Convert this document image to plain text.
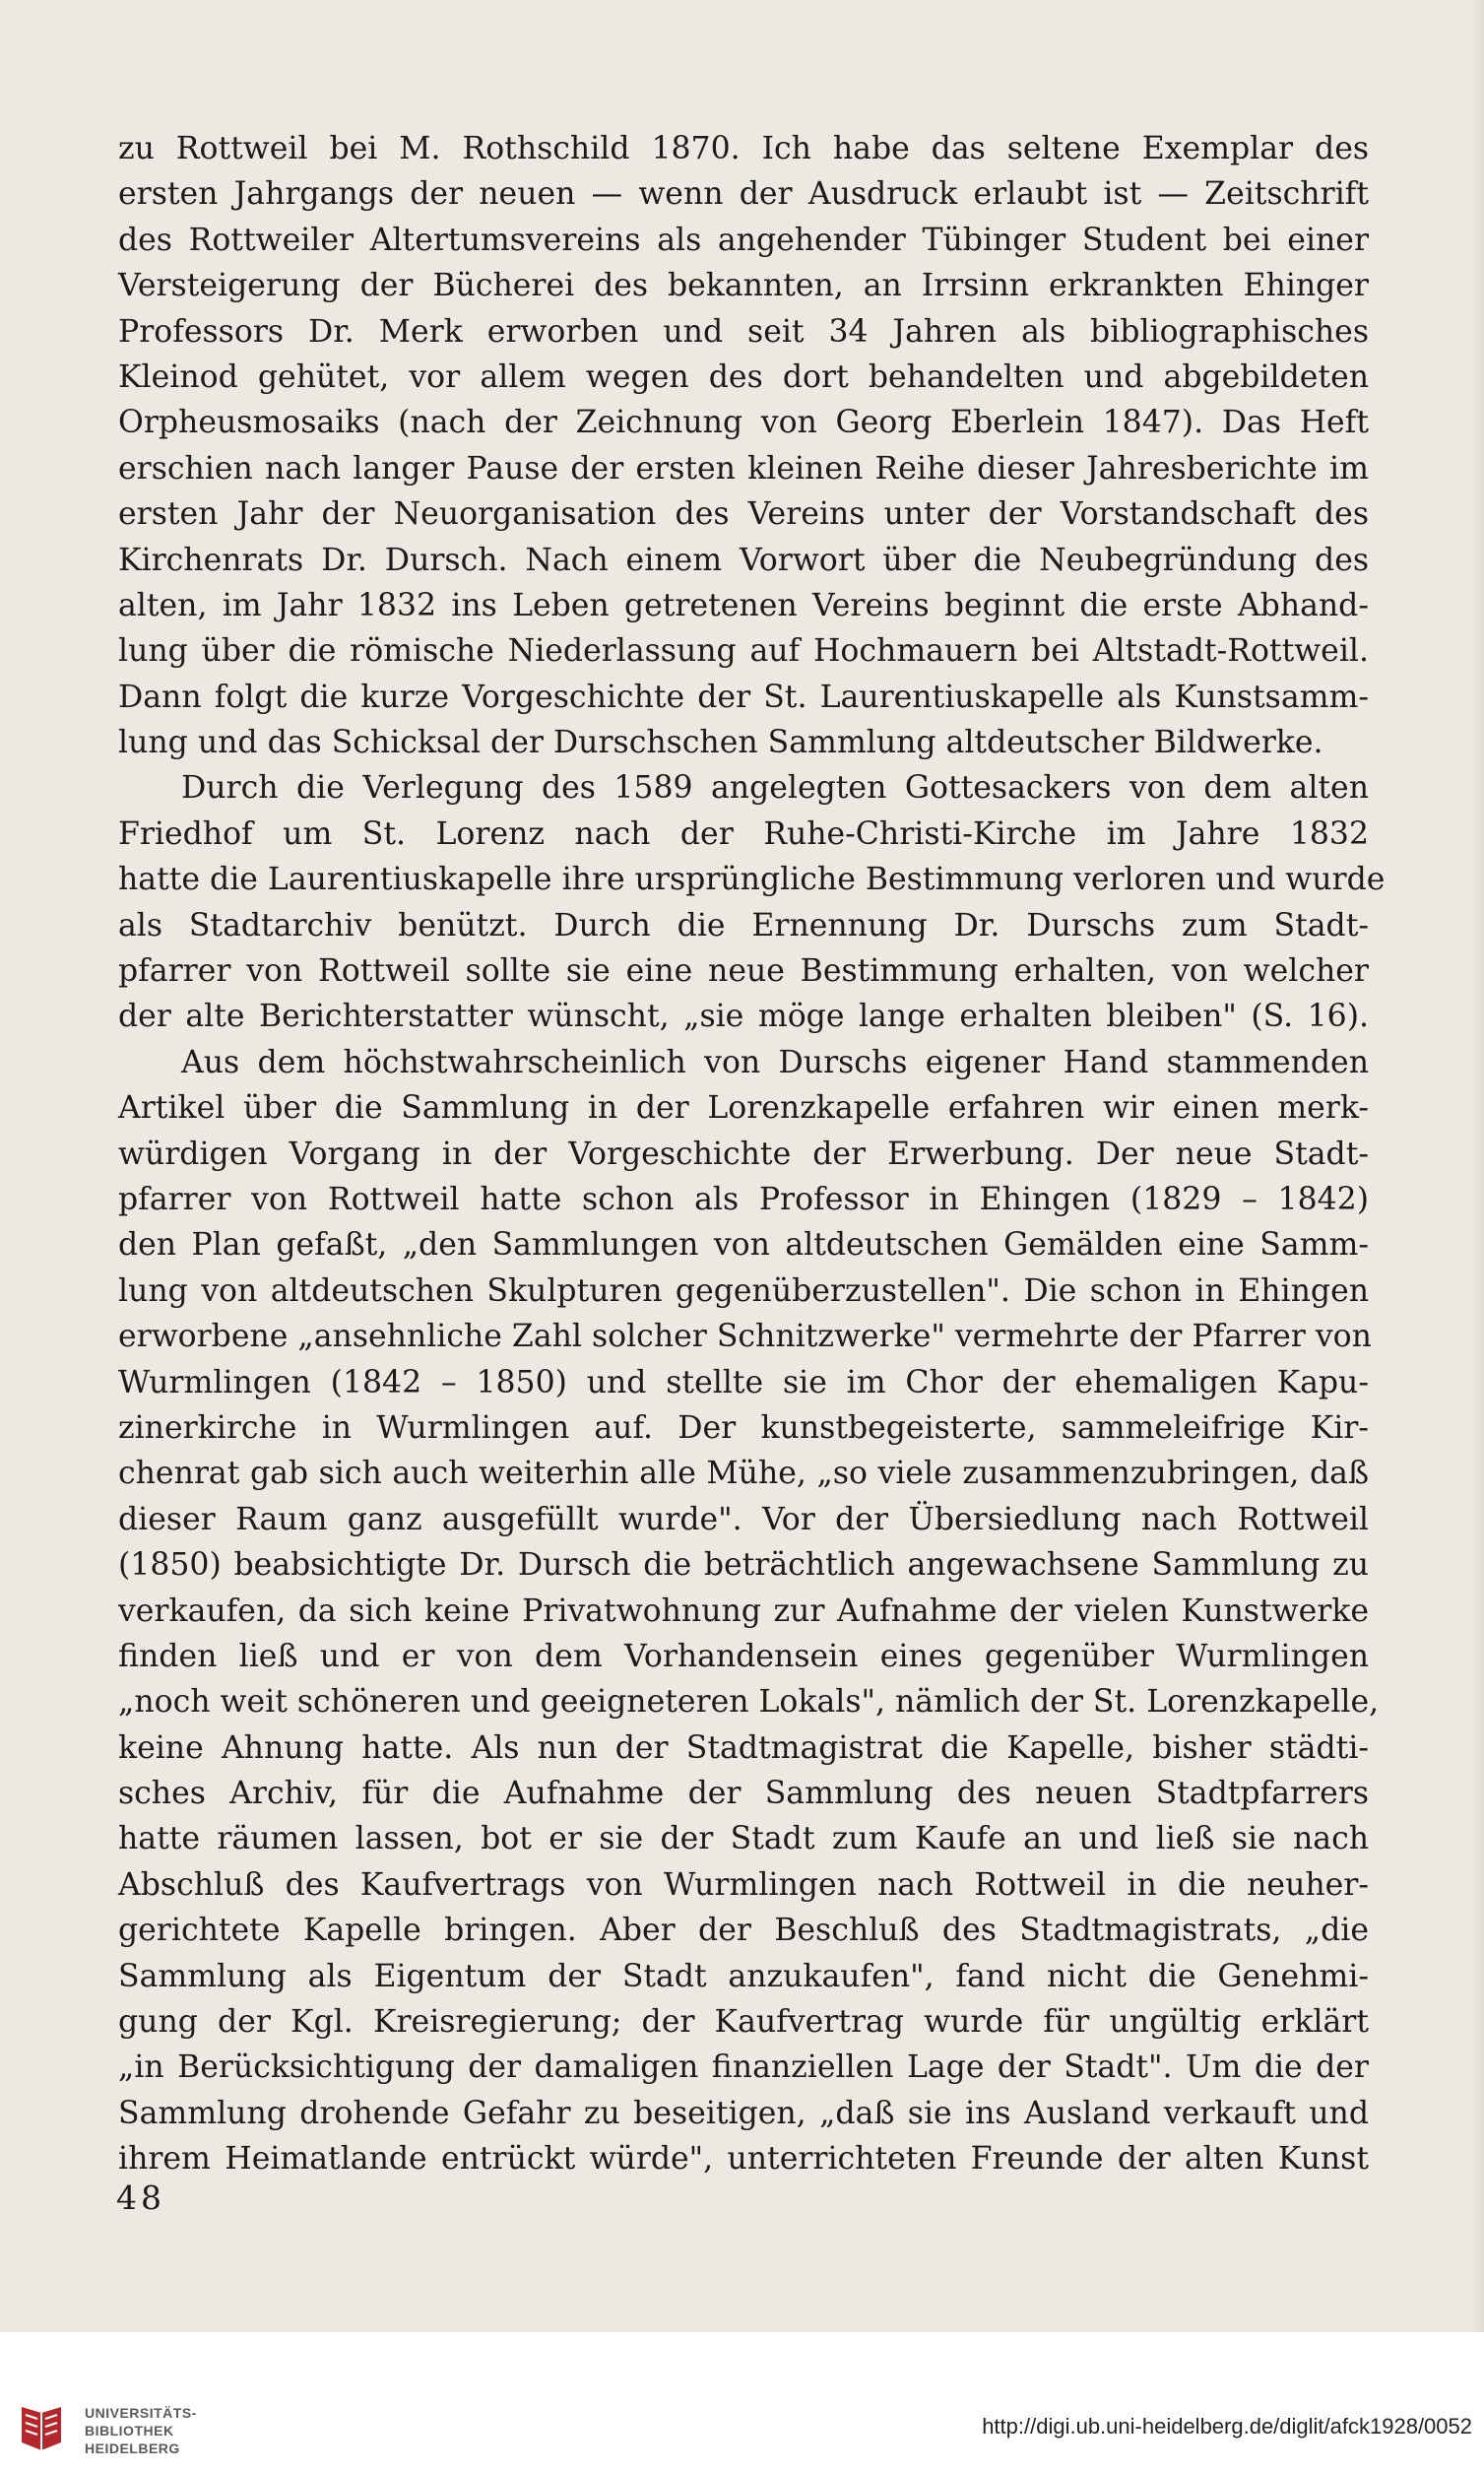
zu Rottweil bei M. Rothschild 1870. Ich habe das seltene Exemplar des
ersten Jahrgangs der neuen — wenn der Ausdruck erlaubt ist — Zeitschrift
des Rottweiler Altertumsvereins als angehender Tübinger Student bei einer
Versteigerung der Bücherei des bekannten, an Irrsinn erkrankten Ehinger
Professors Dr. Merk erworben und seit 34 Jahren als bibliographisches
Kleinod gehütet, vor allem wegen des dort behandelten und abgebildeten
Orpheusmosaiks (nach der Zeichnung von Georg Eberlein 1847). Das Heft
erschien nach langer Pause der ersten kleinen Reihe dieser Jahresberichte im
ersten Jahr der Neuorganisation des Vereins unter der Vorstandschaft des
Kirchenrats Dr. Dursch. Nach einem Vorwort über die Neubegründung des
alten, im Jahr 1832 ins Leben getretenen Vereins beginnt die erste Abhand-
lung über die römische Niederlassung auf Hochmauern bei Altstadt-Rottweil.
Dann folgt die kurze Vorgeschichte der St. Laurentiuskapelle als Kunstsamm-
lung und das Schicksal der Durschschen Sammlung altdeutscher Bildwerke.
Durch die Verlegung des 1589 angelegten Gottesackers von dem alten
Friedhof um St. Lorenz nach der Ruhe-Christi-Kirche im Jahre 1832
hatte die Laurentiuskapelle ihre ursprüngliche Bestimmung verloren und wurde
als Stadtarchiv benützt. Durch die Ernennung Dr. Durschs zum Stadt-
pfarrer von Rottweil sollte sie eine neue Bestimmung erhalten, von welcher
der alte Berichterstatter wünscht, „sie möge lange erhalten bleiben" (S. 16).
Aus dem höchstwahrscheinlich von Durschs eigener Hand stammenden
Artikel über die Sammlung in der Lorenzkapelle erfahren wir einen merk-
würdigen Vorgang in der Vorgeschichte der Erwerbung. Der neue Stadt-
pfarrer von Rottweil hatte schon als Professor in Ehingen (1829 – 1842)
den Plan gefaßt, „den Sammlungen von altdeutschen Gemälden eine Samm-
lung von altdeutschen Skulpturen gegenüberzustellen". Die schon in Ehingen
erworbene „ansehnliche Zahl solcher Schnitzwerke" vermehrte der Pfarrer von
Wurmlingen (1842 – 1850) und stellte sie im Chor der ehemaligen Kapu-
zinerkirche in Wurmlingen auf. Der kunstbegeisterte, sammeleifrige Kir-
chenrat gab sich auch weiterhin alle Mühe, „so viele zusammenzubringen, daß
dieser Raum ganz ausgefüllt wurde". Vor der Übersiedlung nach Rottweil
(1850) beabsichtigte Dr. Dursch die beträchtlich angewachsene Sammlung zu
verkaufen, da sich keine Privatwohnung zur Aufnahme der vielen Kunstwerke
finden ließ und er von dem Vorhandensein eines gegenüber Wurmlingen
„noch weit schöneren und geeigneteren Lokals", nämlich der St. Lorenzkapelle,
keine Ahnung hatte. Als nun der Stadtmagistrat die Kapelle, bisher städti-
sches Archiv, für die Aufnahme der Sammlung des neuen Stadtpfarrers
hatte räumen lassen, bot er sie der Stadt zum Kaufe an und ließ sie nach
Abschluß des Kaufvertrags von Wurmlingen nach Rottweil in die neuher-
gerichtete Kapelle bringen. Aber der Beschluß des Stadtmagistrats, „die
Sammlung als Eigentum der Stadt anzukaufen", fand nicht die Genehmi-
gung der Kgl. Kreisregierung; der Kaufvertrag wurde für ungültig erklärt
„in Berücksichtigung der damaligen finanziellen Lage der Stadt". Um die der
Sammlung drohende Gefahr zu beseitigen, „daß sie ins Ausland verkauft und
ihrem Heimatlande entrückt würde", unterrichteten Freunde der alten Kunst
48
UNIVERSITÄTS-
BIBLIOTHEK
HEIDELBERG
http://digi.ub.uni-heidelberg.de/diglit/afck1928/0052
